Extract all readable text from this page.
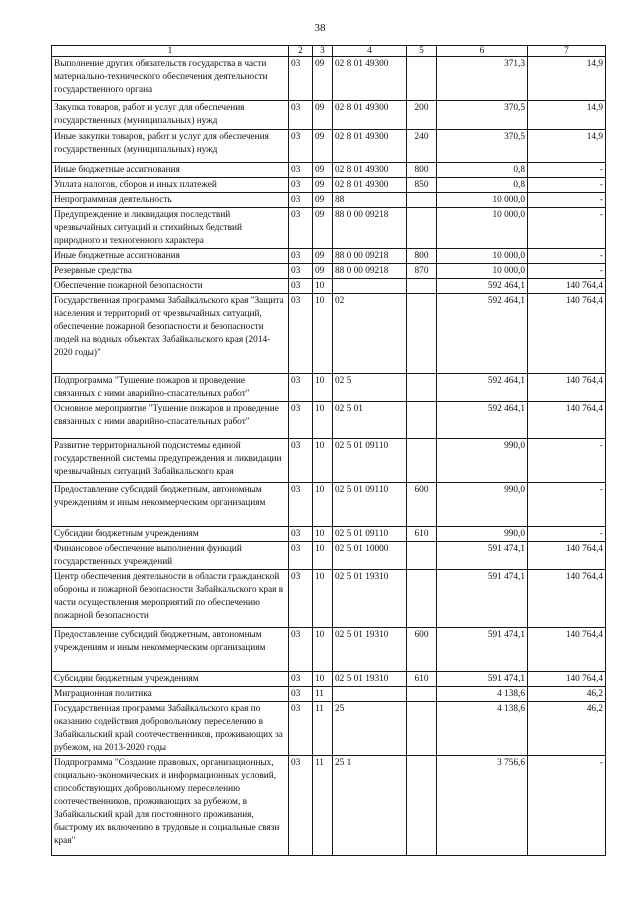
38
1	2	3	4	5	6	7
Выполнение других обязательств государства в части материально-технического обеспечения деятельности государственного органа	03	09	02 8 01 49300		371,3	14,9
Закупка товаров, работ и услуг для обеспечения государственных (муниципальных) нужд	03	09	02 8 01 49300	200	370,5	14,9
Иные закупки товаров, работ и услуг для обеспечения государственных (муниципальных) нужд	03	09	02 8 01 49300	240	370,5	14,9
Иные бюджетные ассигнования	03	09	02 8 01 49300	800	0,8	-
Уплата налогов, сборов и иных платежей	03	09	02 8 01 49300	850	0,8	-
Непрограммная деятельность	03	09	88		10 000,0	-
Предупреждение и ликвидация последствий чрезвычайных ситуаций и стихийных бедствий природного и техногенного характера	03	09	88 0 00 09218		10 000,0	-
Иные бюджетные ассигнования	03	09	88 0 00 09218	800	10 000,0	-
Резервные средства	03	09	88 0 00 09218	870	10 000,0	-
Обеспечение пожарной безопасности	03	10			592 464,1	140 764,4
Государственная программа Забайкальского края "Защита населения и территорий от чрезвычайных ситуаций, обеспечение пожарной безопасности и безопасности людей на водных объектах Забайкальского края (2014-2020 годы)"	03	10	02		592 464,1	140 764,4
Подпрограмма "Тушение пожаров и проведение связанных с ними аварийно-спасательных работ"	03	10	02 5		592 464,1	140 764,4
Основное мероприятие "Тушение пожаров и проведение связанных с ними аварийно-спасательных работ"	03	10	02 5 01		592 464,1	140 764,4
Развитие территориальной подсистемы единой государственной системы предупреждения и ликвидации чрезвычайных ситуаций Забайкальского края	03	10	02 5 01 09110		990,0	-
Предоставление субсидий бюджетным, автономным учреждениям и иным некоммерческим организациям	03	10	02 5 01 09110	600	990,0	-
Субсидии бюджетным учреждениям	03	10	02 5 01 09110	610	990,0	-
Финансовое обеспечение выполнения функций государственных учреждений	03	10	02 5 01 10000		591 474,1	140 764,4
Центр обеспечения деятельности в области гражданской обороны и пожарной безопасности Забайкальского края в части осуществления мероприятий по обеспечению пожарной безопасности	03	10	02 5 01 19310		591 474,1	140 764,4
Предоставление субсидий бюджетным, автономным учреждениям и иным некоммерческим организациям	03	10	02 5 01 19310	600	591 474,1	140 764,4
Субсидии бюджетным учреждениям	03	10	02 5 01 19310	610	591 474,1	140 764,4
Миграционная политика	03	11			4 138,6	46,2
Государственная программа Забайкальского края по оказанию содействия добровольному переселению в Забайкальский край соотечественников, проживающих за рубежом, на 2013-2020 годы	03	11	25		4 138,6	46,2
Подпрограмма "Создание правовых, организационных, социально-экономических и информационных условий, способствующих добровольному переселению соотечественников, проживающих за рубежом, в Забайкальский край для постоянного проживания, быстрому их включению в трудовые и социальные связи края"	03	11	25 1		3 756,6	-
